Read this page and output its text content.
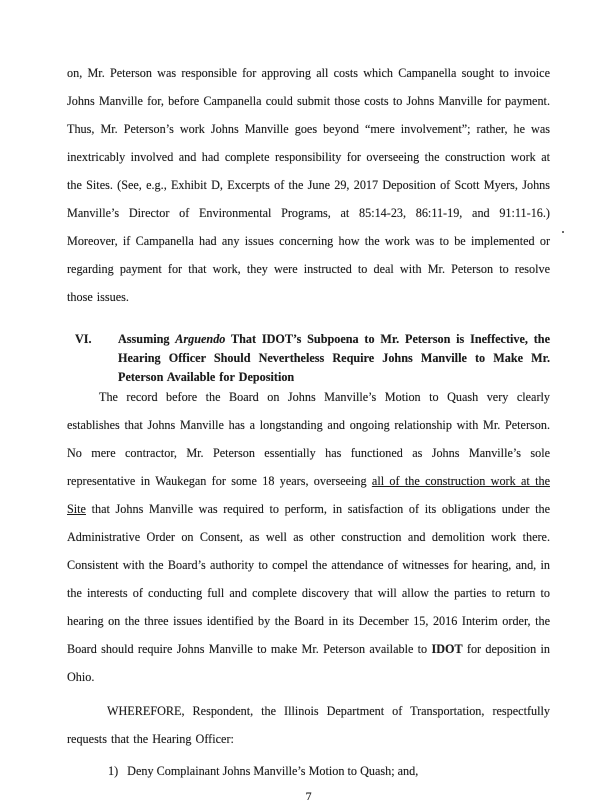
on, Mr. Peterson was responsible for approving all costs which Campanella sought to invoice Johns Manville for, before Campanella could submit those costs to Johns Manville for payment. Thus, Mr. Peterson’s work Johns Manville goes beyond “mere involvement”; rather, he was inextricably involved and had complete responsibility for overseeing the construction work at the Sites. (See, e.g., Exhibit D, Excerpts of the June 29, 2017 Deposition of Scott Myers, Johns Manville’s Director of Environmental Programs, at 85:14-23, 86:11-19, and 91:11-16.) Moreover, if Campanella had any issues concerning how the work was to be implemented or regarding payment for that work, they were instructed to deal with Mr. Peterson to resolve those issues.

VI.	Assuming Arguendo That IDOT’s Subpoena to Mr. Peterson is Ineffective, the Hearing Officer Should Nevertheless Require Johns Manville to Make Mr. Peterson Available for Deposition

The record before the Board on Johns Manville’s Motion to Quash very clearly establishes that Johns Manville has a longstanding and ongoing relationship with Mr. Peterson. No mere contractor, Mr. Peterson essentially has functioned as Johns Manville’s sole representative in Waukegan for some 18 years, overseeing all of the construction work at the Site that Johns Manville was required to perform, in satisfaction of its obligations under the Administrative Order on Consent, as well as other construction and demolition work there. Consistent with the Board’s authority to compel the attendance of witnesses for hearing, and, in the interests of conducting full and complete discovery that will allow the parties to return to hearing on the three issues identified by the Board in its December 15, 2016 Interim order, the Board should require Johns Manville to make Mr. Peterson available to IDOT for deposition in Ohio.

WHEREFORE, Respondent, the Illinois Department of Transportation, respectfully requests that the Hearing Officer:

1) Deny Complainant Johns Manville’s Motion to Quash; and,
7
